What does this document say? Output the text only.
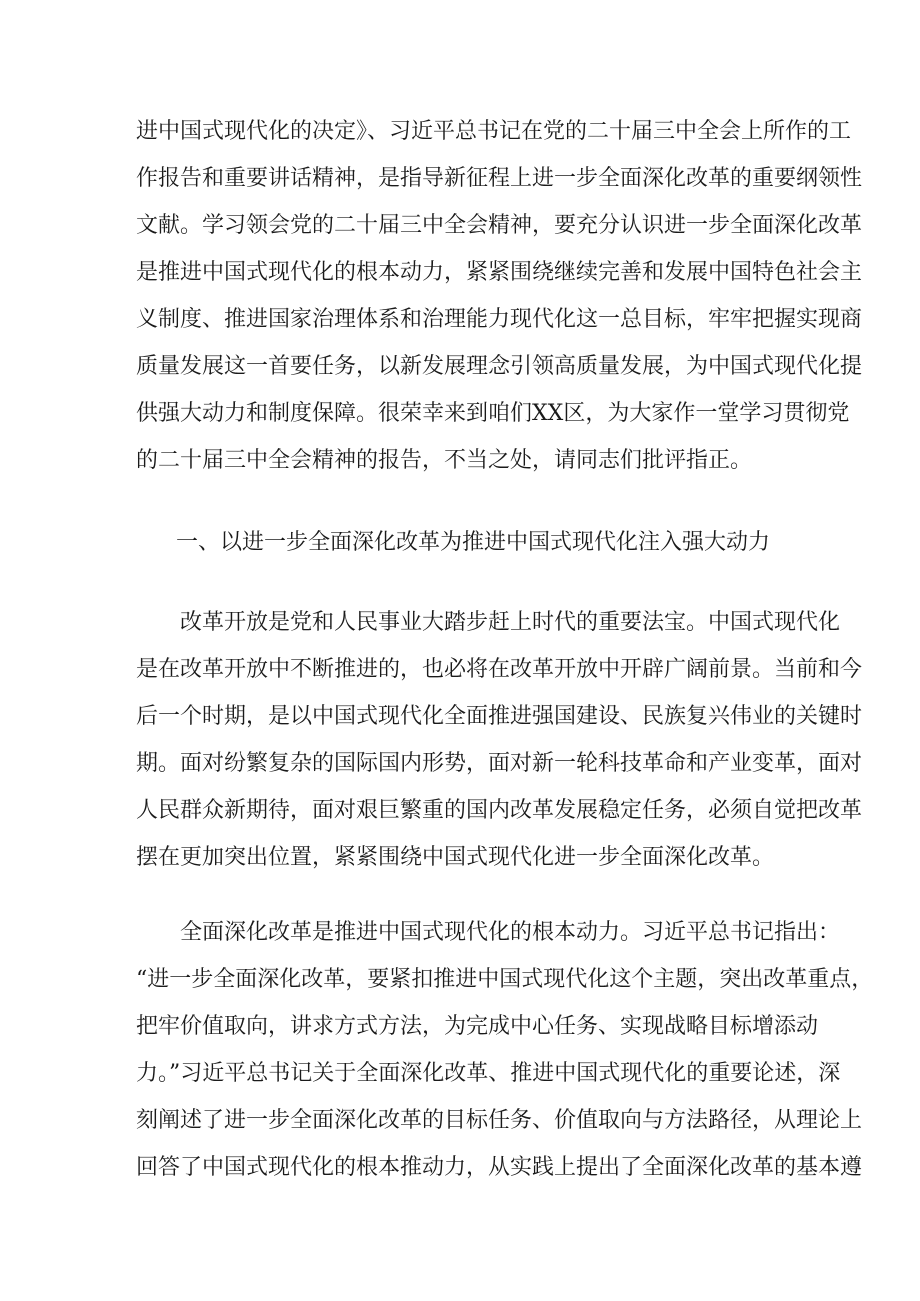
进中国式现代化的决定》、习近平总书记在党的二十届三中全会上所作的工
作报告和重要讲话精神，是指导新征程上进一步全面深化改革的重要纲领性
文献。学习领会党的二十届三中全会精神，要充分认识进一步全面深化改革
是推进中国式现代化的根本动力，紧紧围绕继续完善和发展中国特色社会主
义制度、推进国家治理体系和治理能力现代化这一总目标，牢牢把握实现商
质量发展这一首要任务，以新发展理念引领高质量发展，为中国式现代化提
供强大动力和制度保障。很荣幸来到咱们XX区，为大家作一堂学习贯彻党
的二十届三中全会精神的报告，不当之处，请同志们批评指正。
一、以进一步全面深化改革为推进中国式现代化注入强大动力
改革开放是党和人民事业大踏步赶上时代的重要法宝。中国式现代化
是在改革开放中不断推进的，也必将在改革开放中开辟广阔前景。当前和今
后一个时期，是以中国式现代化全面推进强国建设、民族复兴伟业的关键时
期。面对纷繁复杂的国际国内形势，面对新一轮科技革命和产业变革，面对
人民群众新期待，面对艰巨繁重的国内改革发展稳定任务，必须自觉把改革
摆在更加突出位置，紧紧围绕中国式现代化进一步全面深化改革。
全面深化改革是推进中国式现代化的根本动力。习近平总书记指出：
“进一步全面深化改革，要紧扣推进中国式现代化这个主题，突出改革重点，
把牢价值取向，讲求方式方法，为完成中心任务、实现战略目标增添动
力。”习近平总书记关于全面深化改革、推进中国式现代化的重要论述，深
刻阐述了进一步全面深化改革的目标任务、价值取向与方法路径，从理论上
回答了中国式现代化的根本推动力，从实践上提出了全面深化改革的基本遵
